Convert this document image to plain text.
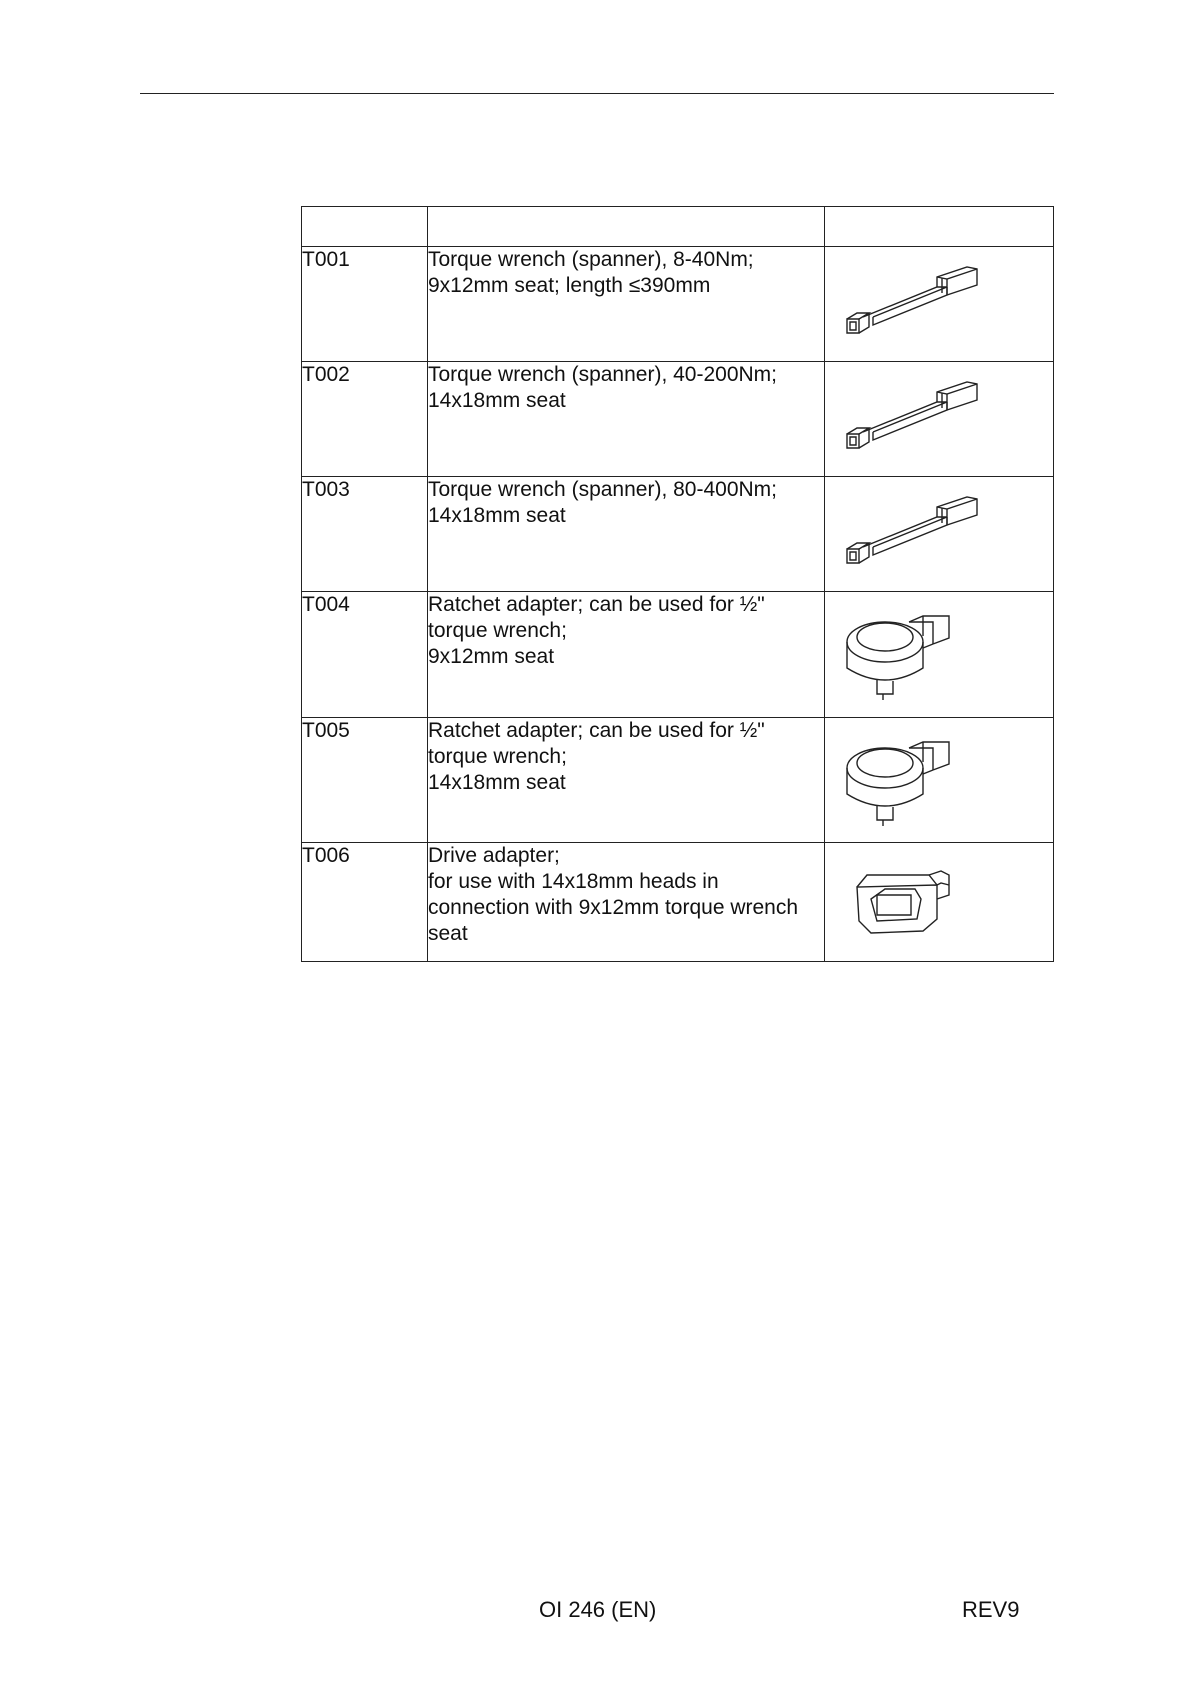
T001	Torque wrench (spanner), 8-40Nm;
9x12mm seat; length ≤390mm

T002	Torque wrench (spanner), 40-200Nm;
14x18mm seat

T003	Torque wrench (spanner), 80-400Nm;
14x18mm seat

T004	Ratchet adapter; can be used for ½"
torque wrench;
9x12mm seat

T005	Ratchet adapter; can be used for ½"
torque wrench;
14x18mm seat

T006	Drive adapter;
for use with 14x18mm heads in
connection with 9x12mm torque wrench
seat

OI 246 (EN)	REV9
